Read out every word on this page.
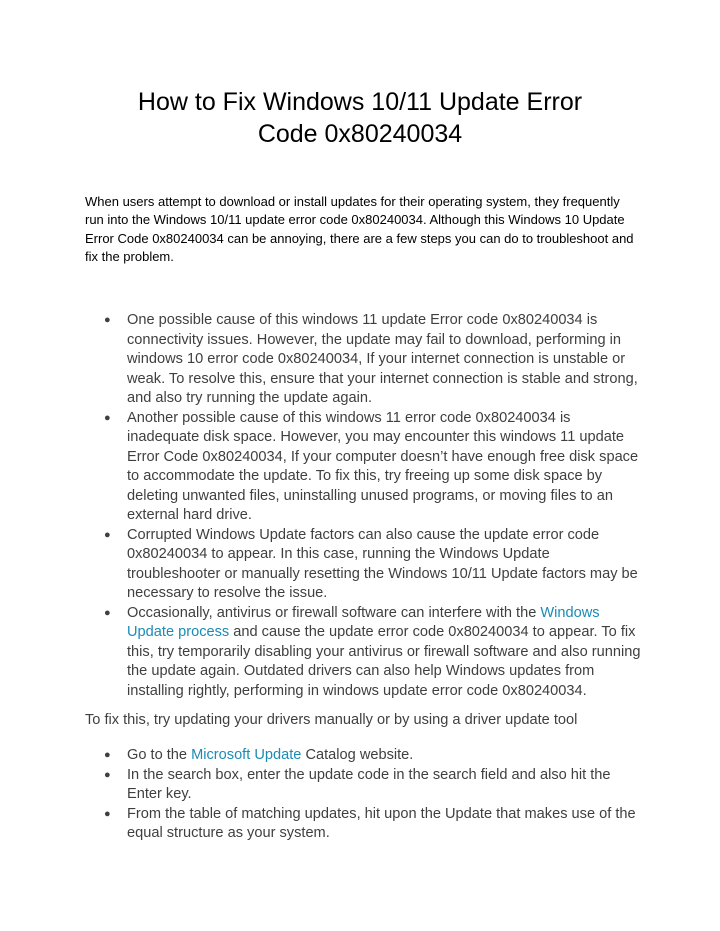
How to Fix Windows 10/11 Update Error
Code 0x80240034

When users attempt to download or install updates for their operating system, they frequently run into the Windows 10/11 update error code 0x80240034. Although this Windows 10 Update Error Code 0x80240034 can be annoying, there are a few steps you can do to troubleshoot and fix the problem.

● One possible cause of this windows 11 update Error code 0x80240034 is connectivity issues. However, the update may fail to download, performing in windows 10 error code 0x80240034, If your internet connection is unstable or weak. To resolve this, ensure that your internet connection is stable and strong, and also try running the update again.
● Another possible cause of this windows 11 error code 0x80240034 is inadequate disk space. However, you may encounter this windows 11 update Error Code 0x80240034, If your computer doesn’t have enough free disk space to accommodate the update. To fix this, try freeing up some disk space by deleting unwanted files, uninstalling unused programs, or moving files to an external hard drive.
● Corrupted Windows Update factors can also cause the update error code 0x80240034 to appear. In this case, running the Windows Update troubleshooter or manually resetting the Windows 10/11 Update factors may be necessary to resolve the issue.
● Occasionally, antivirus or firewall software can interfere with the Windows Update process and cause the update error code 0x80240034 to appear. To fix this, try temporarily disabling your antivirus or firewall software and also running the update again. Outdated drivers can also help Windows updates from installing rightly, performing in windows update error code 0x80240034.

To fix this, try updating your drivers manually or by using a driver update tool

● Go to the Microsoft Update Catalog website.
● In the search box, enter the update code in the search field and also hit the Enter key.
● From the table of matching updates, hit upon the Update that makes use of the equal structure as your system.
